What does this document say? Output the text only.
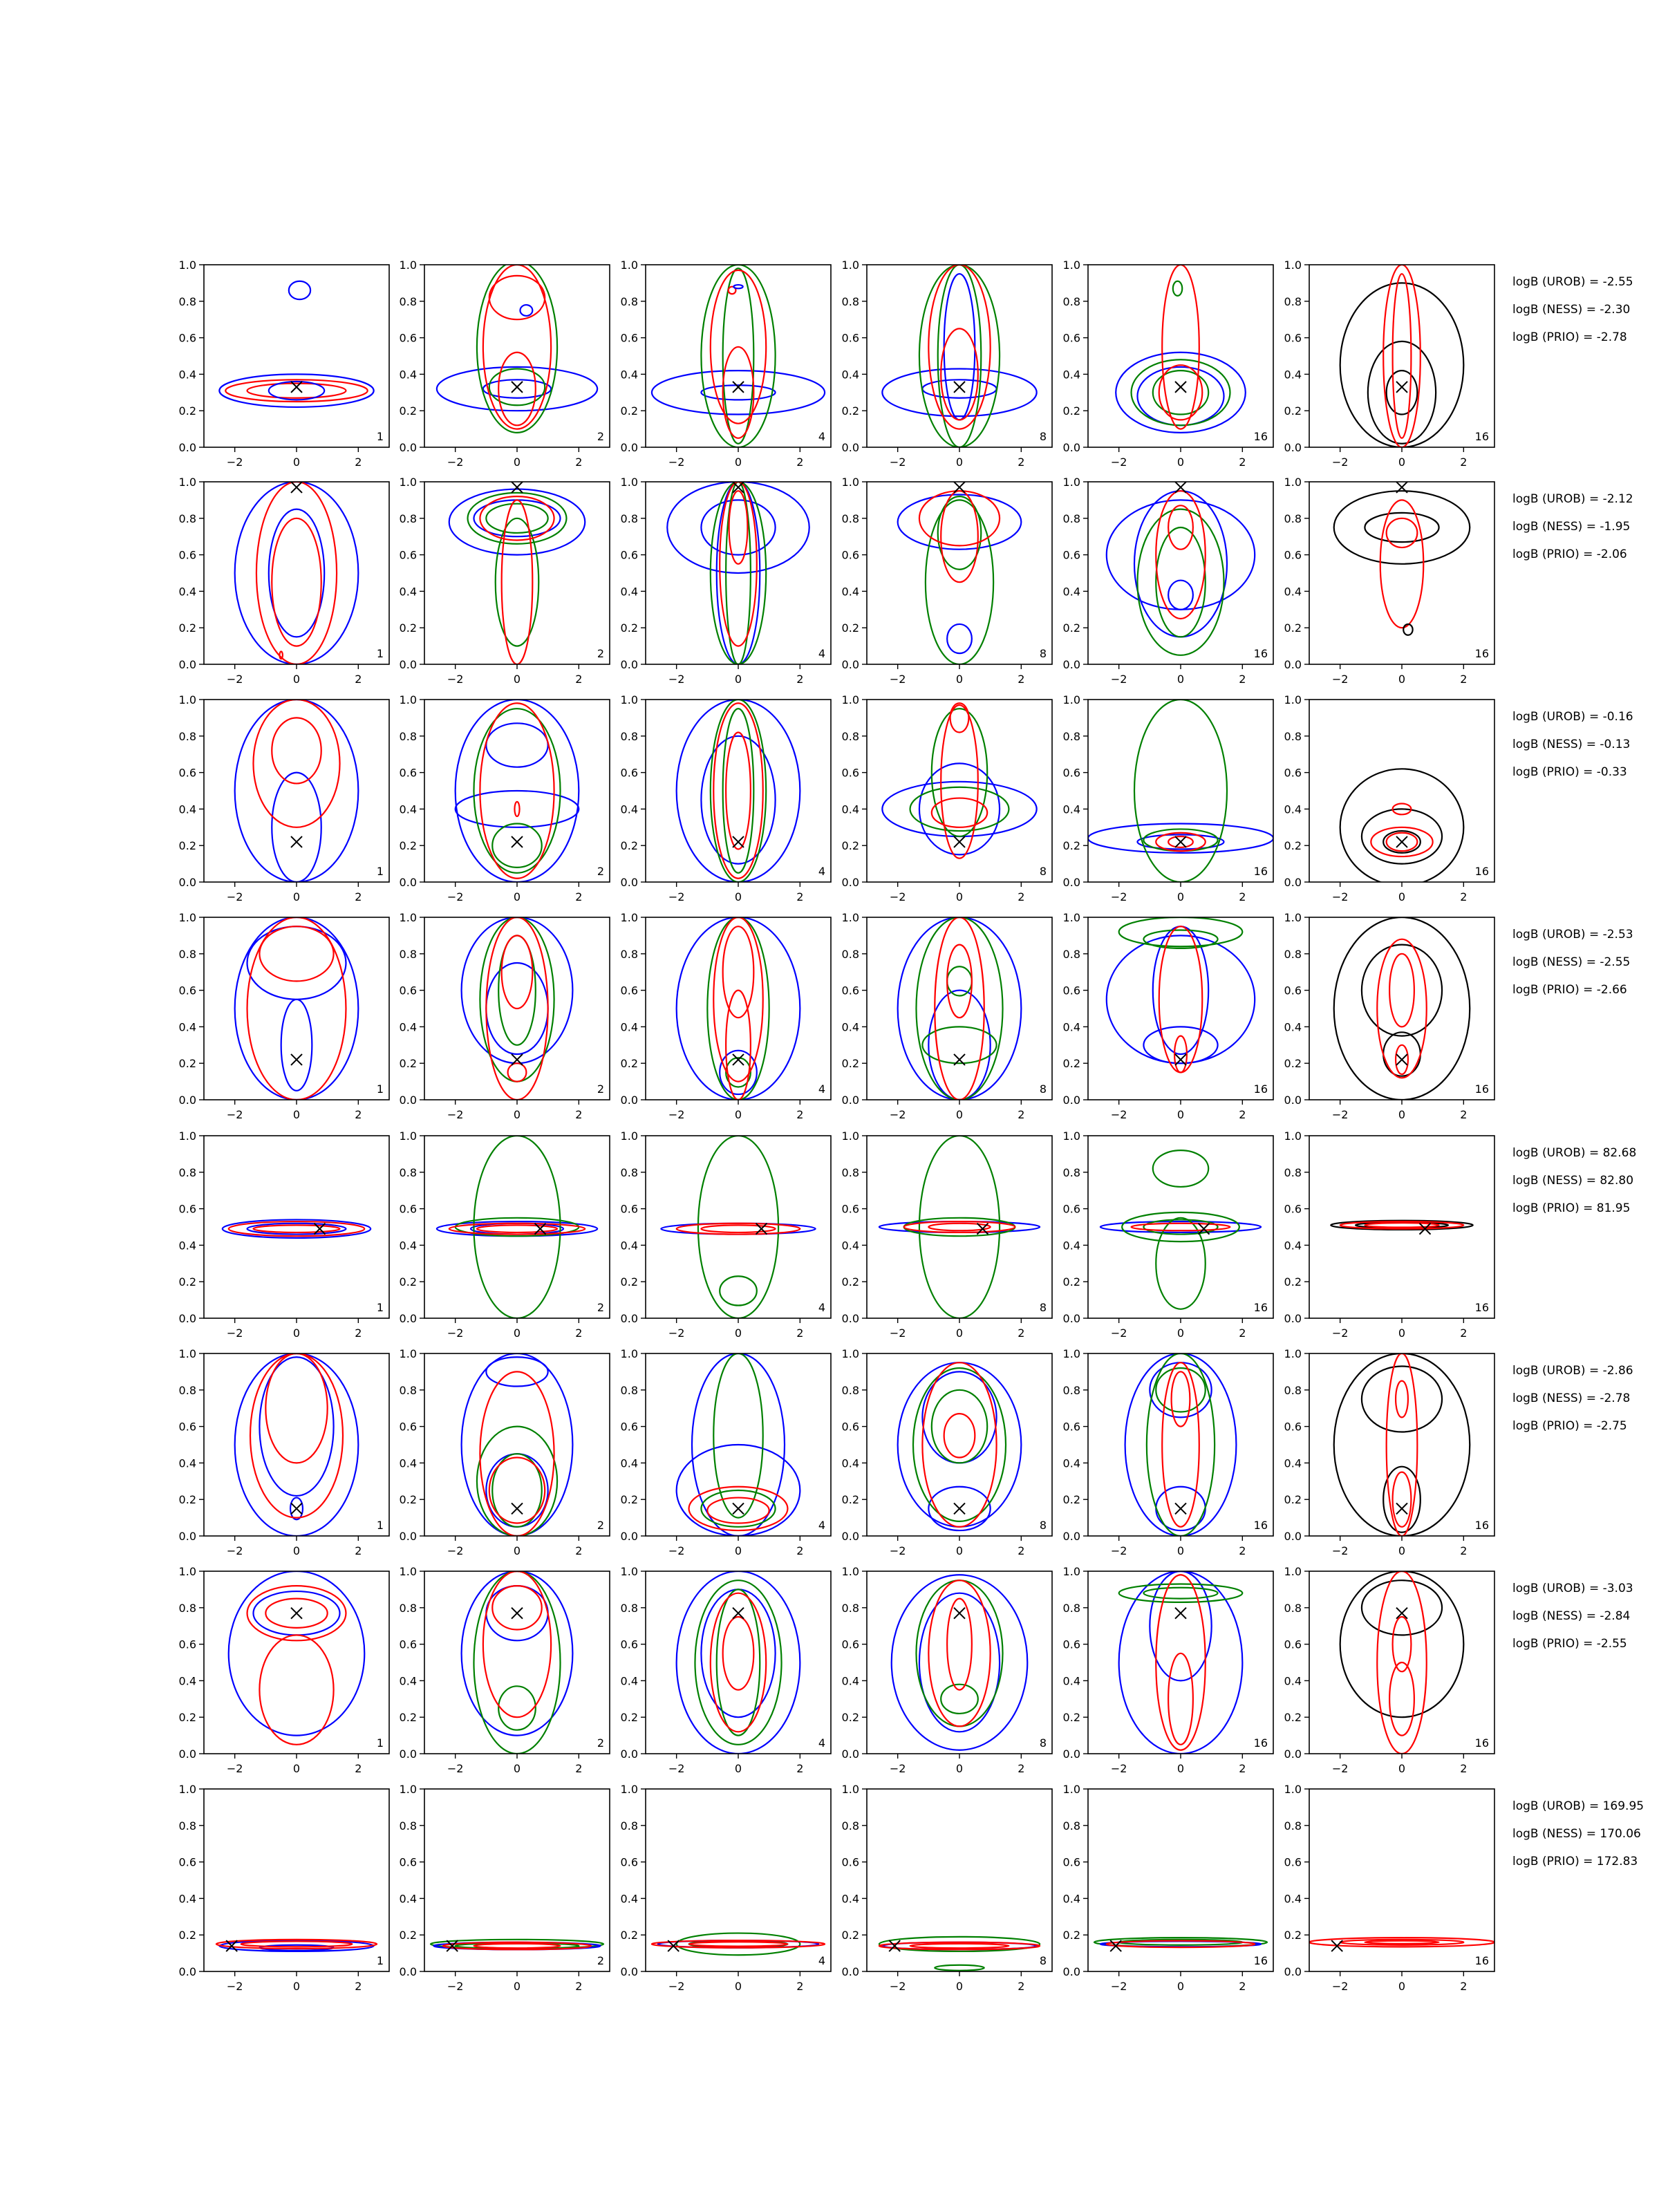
−2	0	2
0.0
0.2
0.4
0.6
0.8
1.0
1
−2	0	2
0.0
0.2
0.4
0.6
0.8
1.0
2
−2	0	2
0.0
0.2
0.4
0.6
0.8
1.0
4
−2	0	2
0.0
0.2
0.4
0.6
0.8
1.0
8
−2	0	2
0.0
0.2
0.4
0.6
0.8
1.0
16
−2	0	2
0.0
0.2
0.4
0.6
0.8
1.0
16
−2	0	2
0.0
0.2
0.4
0.6
0.8
1.0
1
−2	0	2
0.0
0.2
0.4
0.6
0.8
1.0
2
−2	0	2
0.0
0.2
0.4
0.6
0.8
1.0
4
−2	0	2
0.0
0.2
0.4
0.6
0.8
1.0
8
−2	0	2
0.0
0.2
0.4
0.6
0.8
1.0
16
−2	0	2
0.0
0.2
0.4
0.6
0.8
1.0
16
−2	0	2
0.0
0.2
0.4
0.6
0.8
1.0
1
−2	0	2
0.0
0.2
0.4
0.6
0.8
1.0
2
−2	0	2
0.0
0.2
0.4
0.6
0.8
1.0
4
−2	0	2
0.0
0.2
0.4
0.6
0.8
1.0
8
−2	0	2
0.0
0.2
0.4
0.6
0.8
1.0
16
−2	0	2
0.0
0.2
0.4
0.6
0.8
1.0
16
−2	0	2
0.0
0.2
0.4
0.6
0.8
1.0
1
−2	0	2
0.0
0.2
0.4
0.6
0.8
1.0
2
−2	0	2
0.0
0.2
0.4
0.6
0.8
1.0
4
−2	0	2
0.0
0.2
0.4
0.6
0.8
1.0
8
−2	0	2
0.0
0.2
0.4
0.6
0.8
1.0
16
−2	0	2
0.0
0.2
0.4
0.6
0.8
1.0
16
−2	0	2
0.0
0.2
0.4
0.6
0.8
1.0
1
−2	0	2
0.0
0.2
0.4
0.6
0.8
1.0
2
−2	0	2
0.0
0.2
0.4
0.6
0.8
1.0
4
−2	0	2
0.0
0.2
0.4
0.6
0.8
1.0
8
−2	0	2
0.0
0.2
0.4
0.6
0.8
1.0
16
−2	0	2
0.0
0.2
0.4
0.6
0.8
1.0
16
−2	0	2
0.0
0.2
0.4
0.6
0.8
1.0
1
−2	0	2
0.0
0.2
0.4
0.6
0.8
1.0
2
−2	0	2
0.0
0.2
0.4
0.6
0.8
1.0
4
−2	0	2
0.0
0.2
0.4
0.6
0.8
1.0
8
−2	0	2
0.0
0.2
0.4
0.6
0.8
1.0
16
−2	0	2
0.0
0.2
0.4
0.6
0.8
1.0
16
−2	0	2
0.0
0.2
0.4
0.6
0.8
1.0
1
−2	0	2
0.0
0.2
0.4
0.6
0.8
1.0
2
−2	0	2
0.0
0.2
0.4
0.6
0.8
1.0
4
−2	0	2
0.0
0.2
0.4
0.6
0.8
1.0
8
−2	0	2
0.0
0.2
0.4
0.6
0.8
1.0
16
−2	0	2
0.0
0.2
0.4
0.6
0.8
1.0
16
−2	0	2
0.0
0.2
0.4
0.6
0.8
1.0
1
−2	0	2
0.0
0.2
0.4
0.6
0.8
1.0
2
−2	0	2
0.0
0.2
0.4
0.6
0.8
1.0
4
−2	0	2
0.0
0.2
0.4
0.6
0.8
1.0
8
−2	0	2
0.0
0.2
0.4
0.6
0.8
1.0
16
−2	0	2
0.0
0.2
0.4
0.6
0.8
1.0
16
logB (UROB) = -2.55
logB (NESS) = -2.30
logB (PRIO) = -2.78
logB (UROB) = -2.12
logB (NESS) = -1.95
logB (PRIO) = -2.06
logB (UROB) = -0.16
logB (NESS) = -0.13
logB (PRIO) = -0.33
logB (UROB) = -2.53
logB (NESS) = -2.55
logB (PRIO) = -2.66
logB (UROB) = 82.68
logB (NESS) = 82.80
logB (PRIO) = 81.95
logB (UROB) = -2.86
logB (NESS) = -2.78
logB (PRIO) = -2.75
logB (UROB) = -3.03
logB (NESS) = -2.84
logB (PRIO) = -2.55
logB (UROB) = 169.95
logB (NESS) = 170.06
logB (PRIO) = 172.83
